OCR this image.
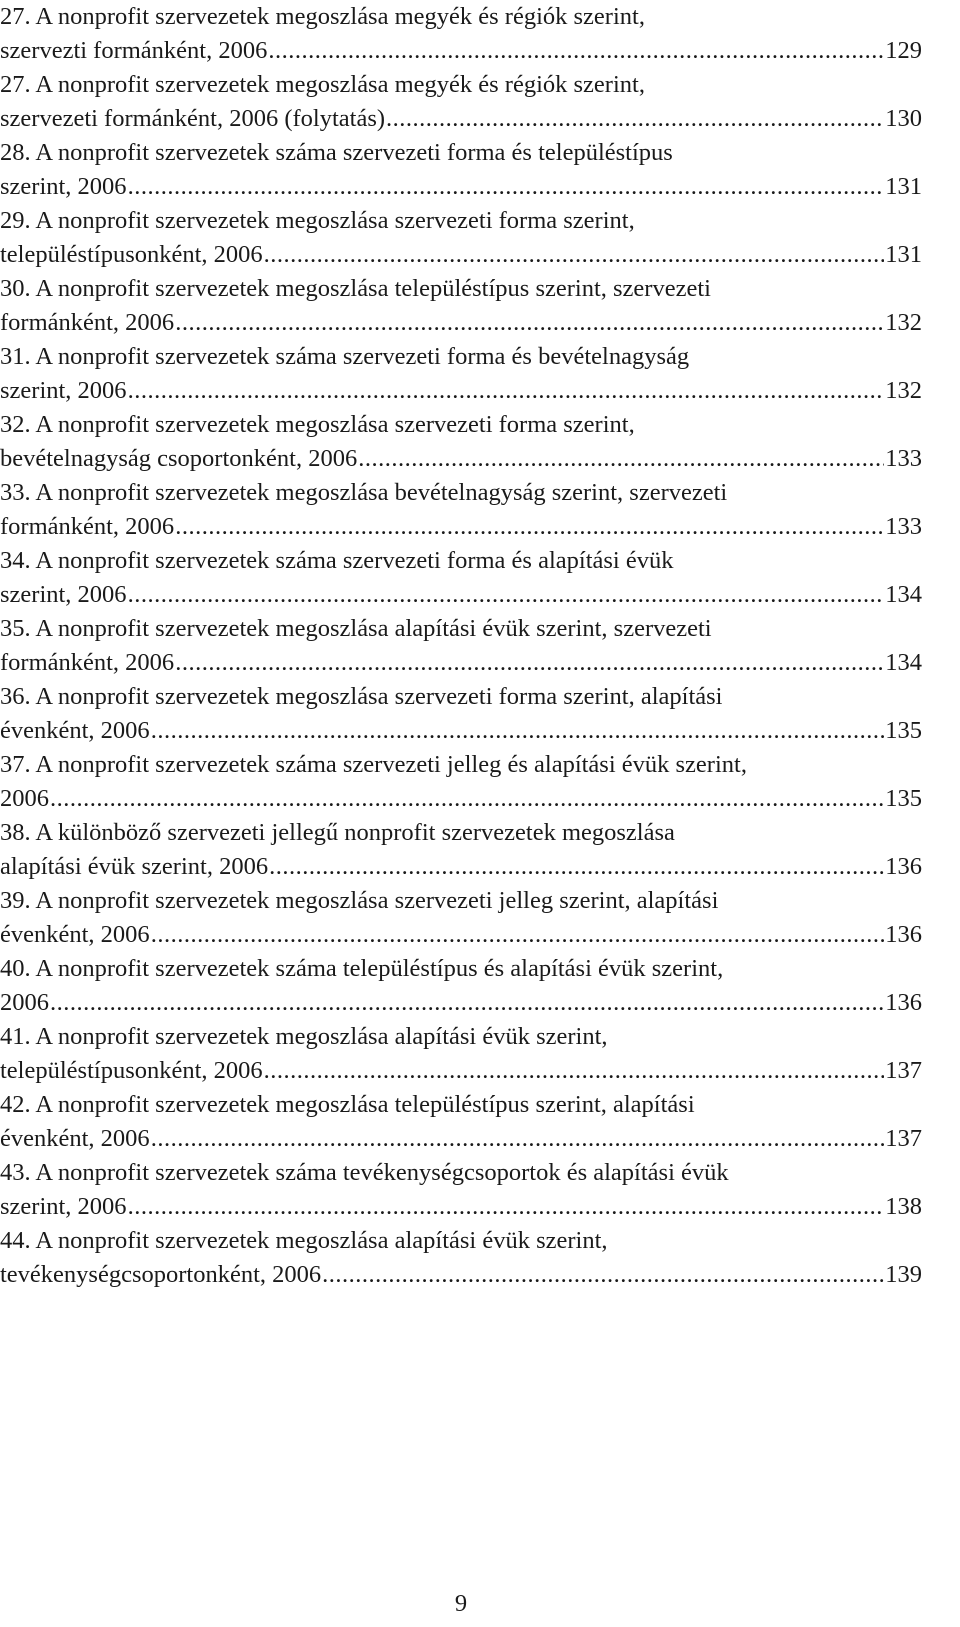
27. A nonprofit szervezetek megoszlása megyék és régiók szerint,
szervezti formánként, 2006 .....	129
27. A nonprofit szervezetek megoszlása megyék és régiók szerint,
szervezeti formánként, 2006 (folytatás) .....	130
28. A nonprofit szervezetek száma szervezeti forma és településtípus
szerint, 2006 .....	131
29. A nonprofit szervezetek megoszlása szervezeti forma szerint,
településtípusonként, 2006 .....	131
30. A nonprofit szervezetek megoszlása településtípus szerint, szervezeti
formánként, 2006 .....	132
31. A nonprofit szervezetek száma szervezeti forma és bevételnagyság
szerint, 2006 .....	132
32. A nonprofit szervezetek megoszlása szervezeti forma szerint,
bevételnagyság csoportonként, 2006 .....	133
33. A nonprofit szervezetek megoszlása bevételnagyság szerint, szervezeti
formánként, 2006 .....	133
34. A nonprofit szervezetek száma szervezeti forma és alapítási évük
szerint, 2006 .....	134
35. A nonprofit szervezetek megoszlása alapítási évük szerint, szervezeti
formánként, 2006 .....	134
36. A nonprofit szervezetek megoszlása szervezeti forma szerint, alapítási
évenként, 2006 .....	135
37. A nonprofit szervezetek száma szervezeti jelleg és alapítási évük szerint,
2006 .....	135
38. A különböző szervezeti jellegű nonprofit szervezetek megoszlása
alapítási évük szerint, 2006 .....	136
39. A nonprofit szervezetek megoszlása szervezeti jelleg szerint, alapítási
évenként, 2006 .....	136
40. A nonprofit szervezetek száma településtípus és alapítási évük szerint,
2006 .....	136
41. A nonprofit szervezetek megoszlása alapítási évük szerint,
településtípusonként, 2006 .....	137
42. A nonprofit szervezetek megoszlása településtípus szerint, alapítási
évenként, 2006 .....	137
43. A nonprofit szervezetek száma tevékenységcsoportok és alapítási évük
szerint, 2006 .....	138
44. A nonprofit szervezetek megoszlása alapítási évük szerint,
tevékenységcsoportonként, 2006 .....	139
9
